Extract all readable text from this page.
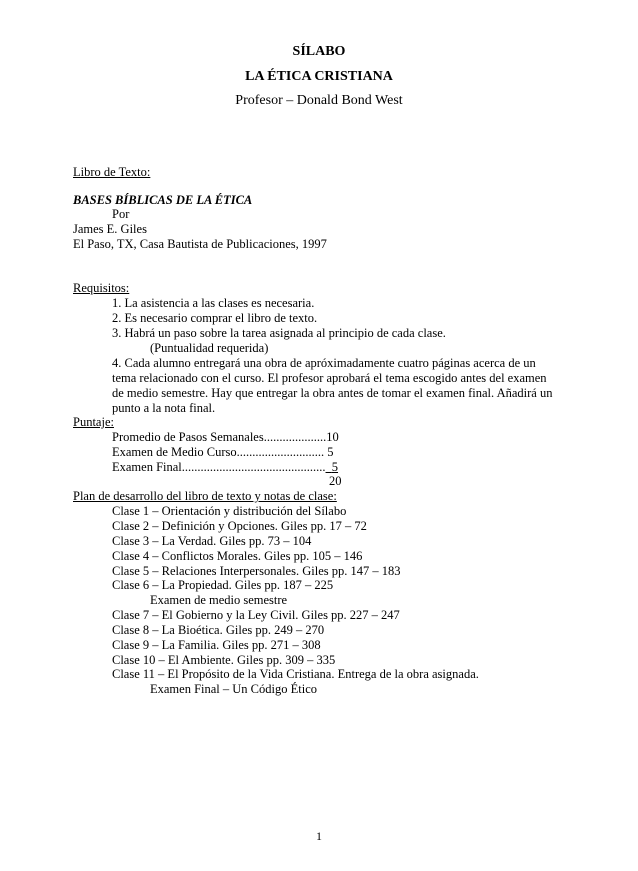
SÍLABO
LA ÉTICA CRISTIANA
Profesor – Donald Bond West
Libro de Texto:
BASES BÍBLICAS DE LA ÉTICA
Por
James E. Giles
El Paso, TX, Casa Bautista de Publicaciones, 1997
Requisitos:
1. La asistencia a las clases es necesaria.
2. Es necesario comprar el libro de texto.
3. Habrá un paso sobre la tarea asignada al principio de cada clase.
(Puntualidad requerida)
4. Cada alumno entregará una obra de apróximadamente cuatro páginas acerca de un
tema relacionado con el curso. El profesor aprobará el tema escogido antes del examen
de medio semestre. Hay que entregar la obra antes de tomar el examen final. Añadirá un
punto a la nota final.
Puntaje:
Promedio de Pasos Semanales....................10
Examen de Medio Curso............................ 5
Examen Final.............................................. 5
20
Plan de desarrollo del libro de texto y notas de clase:
Clase 1 – Orientación y distribución del Sílabo
Clase 2 – Definición y Opciones. Giles pp. 17 – 72
Clase 3 – La Verdad. Giles pp. 73 – 104
Clase 4 – Conflictos Morales. Giles pp. 105 – 146
Clase 5 – Relaciones Interpersonales. Giles pp. 147 – 183
Clase 6 – La Propiedad. Giles pp. 187 – 225
Examen de medio semestre
Clase 7 – El Gobierno y la Ley Civil. Giles pp. 227 – 247
Clase 8 – La Bioética. Giles pp. 249 – 270
Clase 9 – La Familia. Giles pp. 271 – 308
Clase 10 – El Ambiente. Giles pp. 309 – 335
Clase 11 – El Propósito de la Vida Cristiana. Entrega de la obra asignada.
Examen Final – Un Código Ético
1
